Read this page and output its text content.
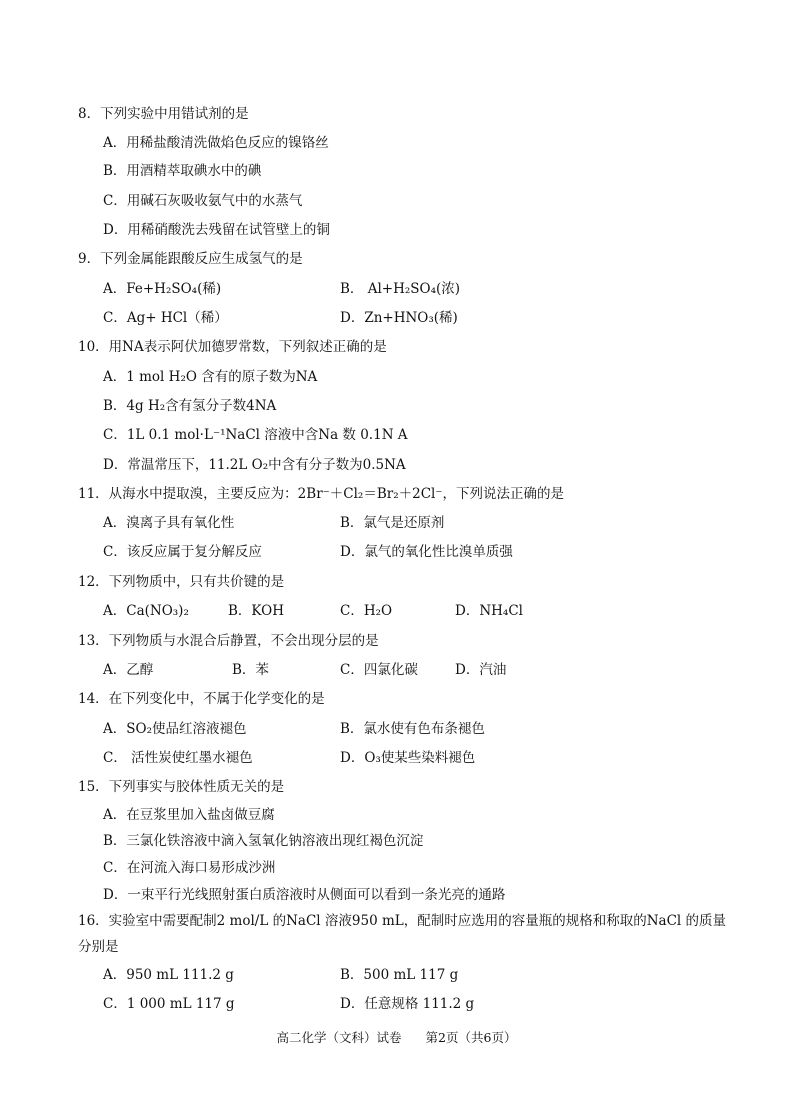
8．下列实验中用错试剂的是
A．用稀盐酸清洗做焰色反应的镍铬丝
B．用酒精萃取碘水中的碘
C．用碱石灰吸收氨气中的水蒸气
D．用稀硝酸洗去残留在试管壁上的铜
9．下列金属能跟酸反应生成氢气的是
A．Fe+H₂SO₄(稀)	B． Al+H₂SO₄(浓)
C．Ag+ HCl（稀）	D．Zn+HNO₃(稀)
10．用NA表示阿伏加德罗常数，下列叙述正确的是
A．1 mol H₂O 含有的原子数为NA
B．4g H₂含有氢分子数4NA
C．1L 0.1 mol·L⁻¹NaCl 溶液中含Na 数 0.1N A
D．常温常压下，11.2L O₂中含有分子数为0.5NA
11．从海水中提取溴，主要反应为：2Br⁻＋Cl₂＝Br₂＋2Cl⁻，下列说法正确的是
A．溴离子具有氧化性	B．氯气是还原剂
C．该反应属于复分解反应	D．氯气的氧化性比溴单质强
12．下列物质中，只有共价键的是
A．Ca(NO₃)₂	B．KOH	C．H₂O	D．NH₄Cl
13．下列物质与水混合后静置，不会出现分层的是
A．乙醇	B．苯	C．四氯化碳	D．汽油
14．在下列变化中，不属于化学变化的是
A．SO₂使品红溶液褪色	B．氯水使有色布条褪色
C． 活性炭使红墨水褪色	D．O₃使某些染料褪色
15．下列事实与胶体性质无关的是
A．在豆浆里加入盐卤做豆腐
B．三氯化铁溶液中滴入氢氧化钠溶液出现红褐色沉淀
C．在河流入海口易形成沙洲
D．一束平行光线照射蛋白质溶液时从侧面可以看到一条光亮的通路
16．实验室中需要配制2 mol/L 的NaCl 溶液950 mL，配制时应选用的容量瓶的规格和称取的NaCl 的质量
分别是
A．950 mL 111.2 g	B．500 mL 117 g
C．1 000 mL 117 g	D．任意规格 111.2 g
高二化学（文科）试卷 第2页（共6页）
